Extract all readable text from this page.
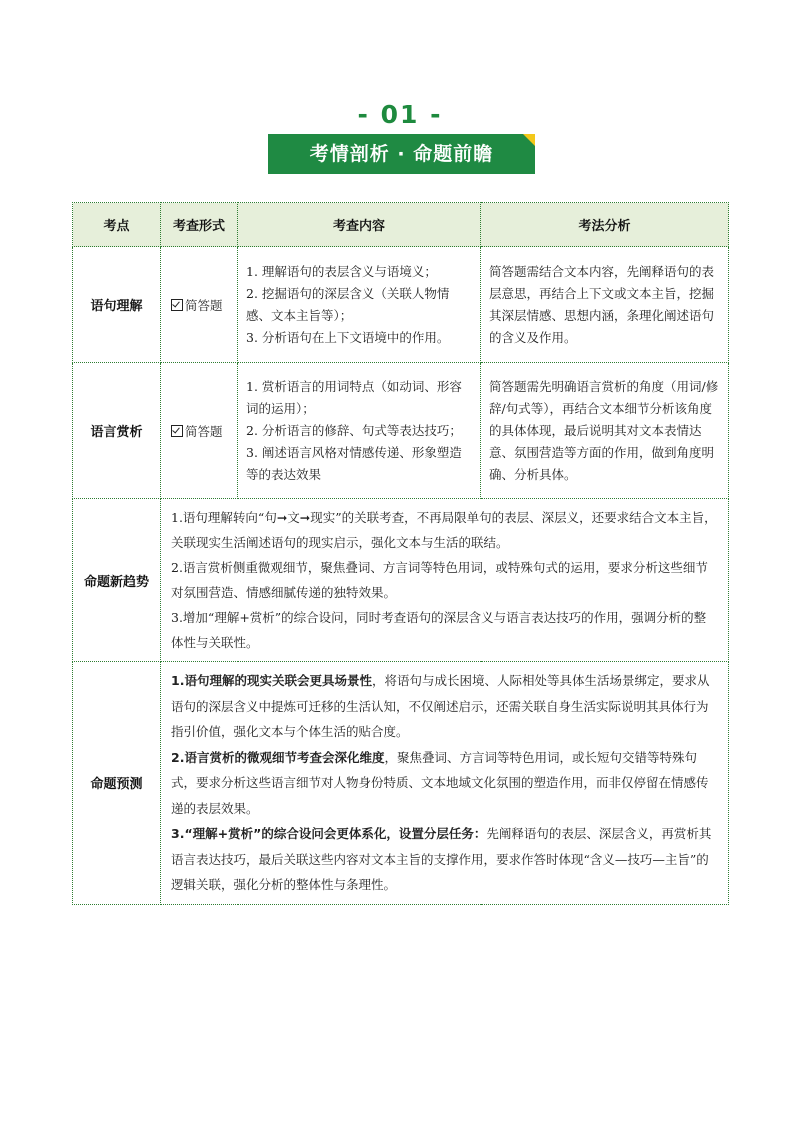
- 01 -
考情剖析 · 命题前瞻
考点	考查形式	考查内容	考法分析
语句理解	简答题	1. 理解语句的表层含义与语境义；
2. 挖掘语句的深层含义（关联人物情感、文本主旨等）；
3. 分析语句在上下文语境中的作用。	简答题需结合文本内容，先阐释语句的表层意思，再结合上下文或文本主旨，挖掘其深层情感、思想内涵，条理化阐述语句的含义及作用。
语言赏析	简答题	1. 赏析语言的用词特点（如动词、形容词的运用）；
2. 分析语言的修辞、句式等表达技巧；
3. 阐述语言风格对情感传递、形象塑造等的表达效果	简答题需先明确语言赏析的角度（用词/修辞/句式等），再结合文本细节分析该角度的具体体现，最后说明其对文本表情达意、氛围营造等方面的作用，做到角度明确、分析具体。
命题新趋势	1.语句理解转向“句➞文➞现实”的关联考查，不再局限单句的表层、深层义，还要求结合文本主旨，关联现实生活阐述语句的现实启示，强化文本与生活的联结。
2.语言赏析侧重微观细节，聚焦叠词、方言词等特色用词，或特殊句式的运用，要求分析这些细节对氛围营造、情感细腻传递的独特效果。
3.增加“理解+赏析”的综合设问，同时考查语句的深层含义与语言表达技巧的作用，强调分析的整体性与关联性。		

命题预测	1.语句理解的现实关联会更具场景性，将语句与成长困境、人际相处等具体生活场景绑定，要求从语句的深层含义中提炼可迁移的生活认知，不仅阐述启示，还需关联自身生活实际说明其具体行为指引价值，强化文本与个体生活的贴合度。
2.语言赏析的微观细节考查会深化维度，聚焦叠词、方言词等特色用词，或长短句交错等特殊句式，要求分析这些语言细节对人物身份特质、文本地域文化氛围的塑造作用，而非仅停留在情感传递的表层效果。
3.“理解+赏析”的综合设问会更体系化，设置分层任务：先阐释语句的表层、深层含义，再赏析其语言表达技巧，最后关联这些内容对文本主旨的支撑作用，要求作答时体现“含义—技巧—主旨”的逻辑关联，强化分析的整体性与条理性。		
